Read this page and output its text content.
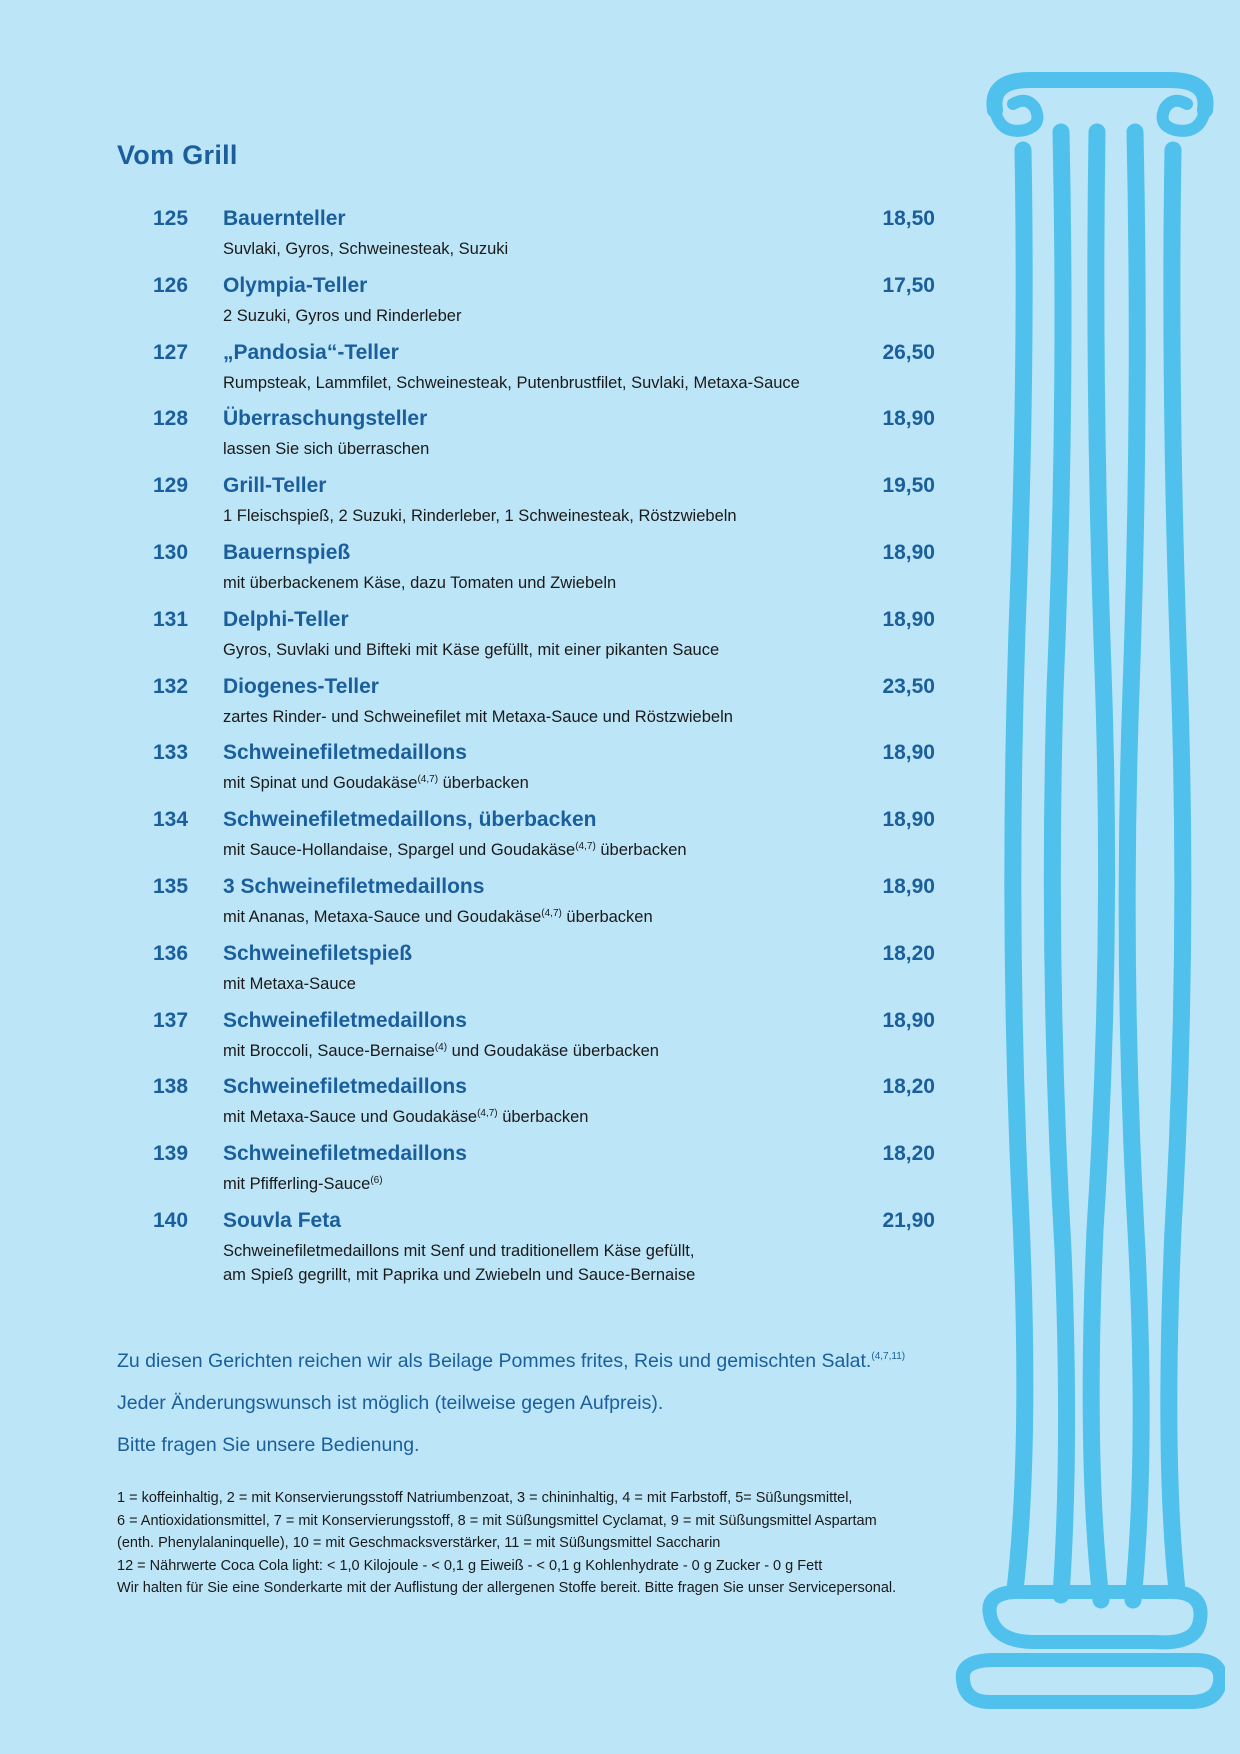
Vom Grill
125 Bauernteller	18,50
Suvlaki, Gyros, Schweinesteak, Suzuki
126 Olympia-Teller	17,50
2 Suzuki, Gyros und Rinderleber
127 „Pandosia“-Teller	26,50
Rumpsteak, Lammfilet, Schweinesteak, Putenbrustfilet, Suvlaki, Metaxa-Sauce
128 Überraschungsteller	18,90
lassen Sie sich überraschen
129 Grill-Teller	19,50
1 Fleischspieß, 2 Suzuki, Rinderleber, 1 Schweinesteak, Röstzwiebeln
130 Bauernspieß	18,90
mit überbackenem Käse, dazu Tomaten und Zwiebeln
131 Delphi-Teller	18,90
Gyros, Suvlaki und Bifteki mit Käse gefüllt, mit einer pikanten Sauce
132 Diogenes-Teller	23,50
zartes Rinder- und Schweinefilet mit Metaxa-Sauce und Röstzwiebeln
133 Schweinefiletmedaillons	18,90
mit Spinat und Goudakäse$^{(4,7)}$ überbacken
134 Schweinefiletmedaillons, überbacken	18,90
mit Sauce-Hollandaise, Spargel und Goudakäse$^{(4,7)}$ überbacken
135 3 Schweinefiletmedaillons	18,90
mit Ananas, Metaxa-Sauce und Goudakäse$^{(4,7)}$ überbacken
136 Schweinefiletspieß	18,20
mit Metaxa-Sauce
137 Schweinefiletmedaillons	18,90
mit Broccoli, Sauce-Bernaise$^{(4)}$ und Goudakäse überbacken
138 Schweinefiletmedaillons	18,20
mit Metaxa-Sauce und Goudakäse$^{(4,7)}$ überbacken
139 Schweinefiletmedaillons	18,20
mit Pfifferling-Sauce$^{(6)}$
140 Souvla Feta	21,90
Schweinefiletmedaillons mit Senf und traditionellem Käse gefüllt,
am Spieß gegrillt, mit Paprika und Zwiebeln und Sauce-Bernaise
Zu diesen Gerichten reichen wir als Beilage Pommes frites, Reis und gemischten Salat.$^{(4,7,11)}$
Jeder Änderungswunsch ist möglich (teilweise gegen Aufpreis).
Bitte fragen Sie unsere Bedienung.
1 = koffeinhaltig, 2 = mit Konservierungsstoff Natriumbenzoat, 3 = chininhaltig, 4 = mit Farbstoff, 5= Süßungsmittel,
6 = Antioxidationsmittel, 7 = mit Konservierungsstoff, 8 = mit Süßungsmittel Cyclamat, 9 = mit Süßungsmittel Aspartam
(enth. Phenylalaninquelle), 10 = mit Geschmacksverstärker, 11 = mit Süßungsmittel Saccharin
12 = Nährwerte Coca Cola light: < 1,0 Kilojoule - < 0,1 g Eiweiß - < 0,1 g Kohlenhydrate - 0 g Zucker - 0 g Fett
Wir halten für Sie eine Sonderkarte mit der Auflistung der allergenen Stoffe bereit. Bitte fragen Sie unser Servicepersonal.
